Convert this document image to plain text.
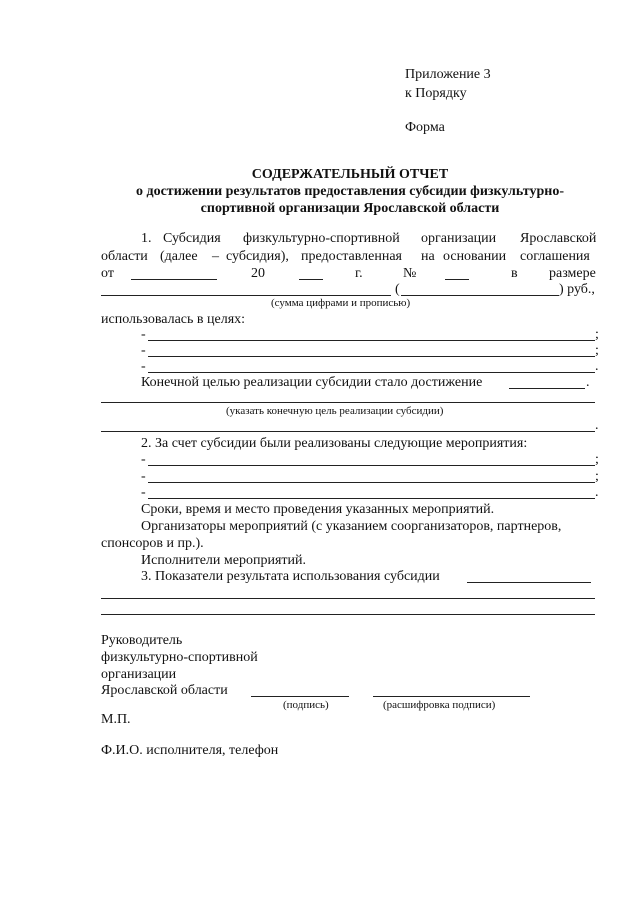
Приложение 3
к Порядку
Форма
СОДЕРЖАТЕЛЬНЫЙ ОТЧЕТ
о достижении результатов предоставления субсидии физкультурно-
спортивной организации Ярославской области
1. Субсидия физкультурно-спортивной организации Ярославской
области (далее – субсидия), предоставленная на основании соглашения
от	20	г.	№	в размере
(	) руб.,
(сумма цифрами и прописью)
использовалась в целях:
-	;
-	;
-	.
Конечной целью реализации субсидии стало достижение	.
(указать конечную цель реализации субсидии)
.
2. За счет субсидии были реализованы следующие мероприятия:
-	;
-	;
-	.
Сроки, время и место проведения указанных мероприятий.
Организаторы мероприятий (с указанием соорганизаторов, партнеров,
спонсоров и пр.).
Исполнители мероприятий.
3. Показатели результата использования субсидии
Руководитель
физкультурно-спортивной
организации
Ярославской области
(подпись)	(расшифровка подписи)
М.П.
Ф.И.О. исполнителя, телефон
